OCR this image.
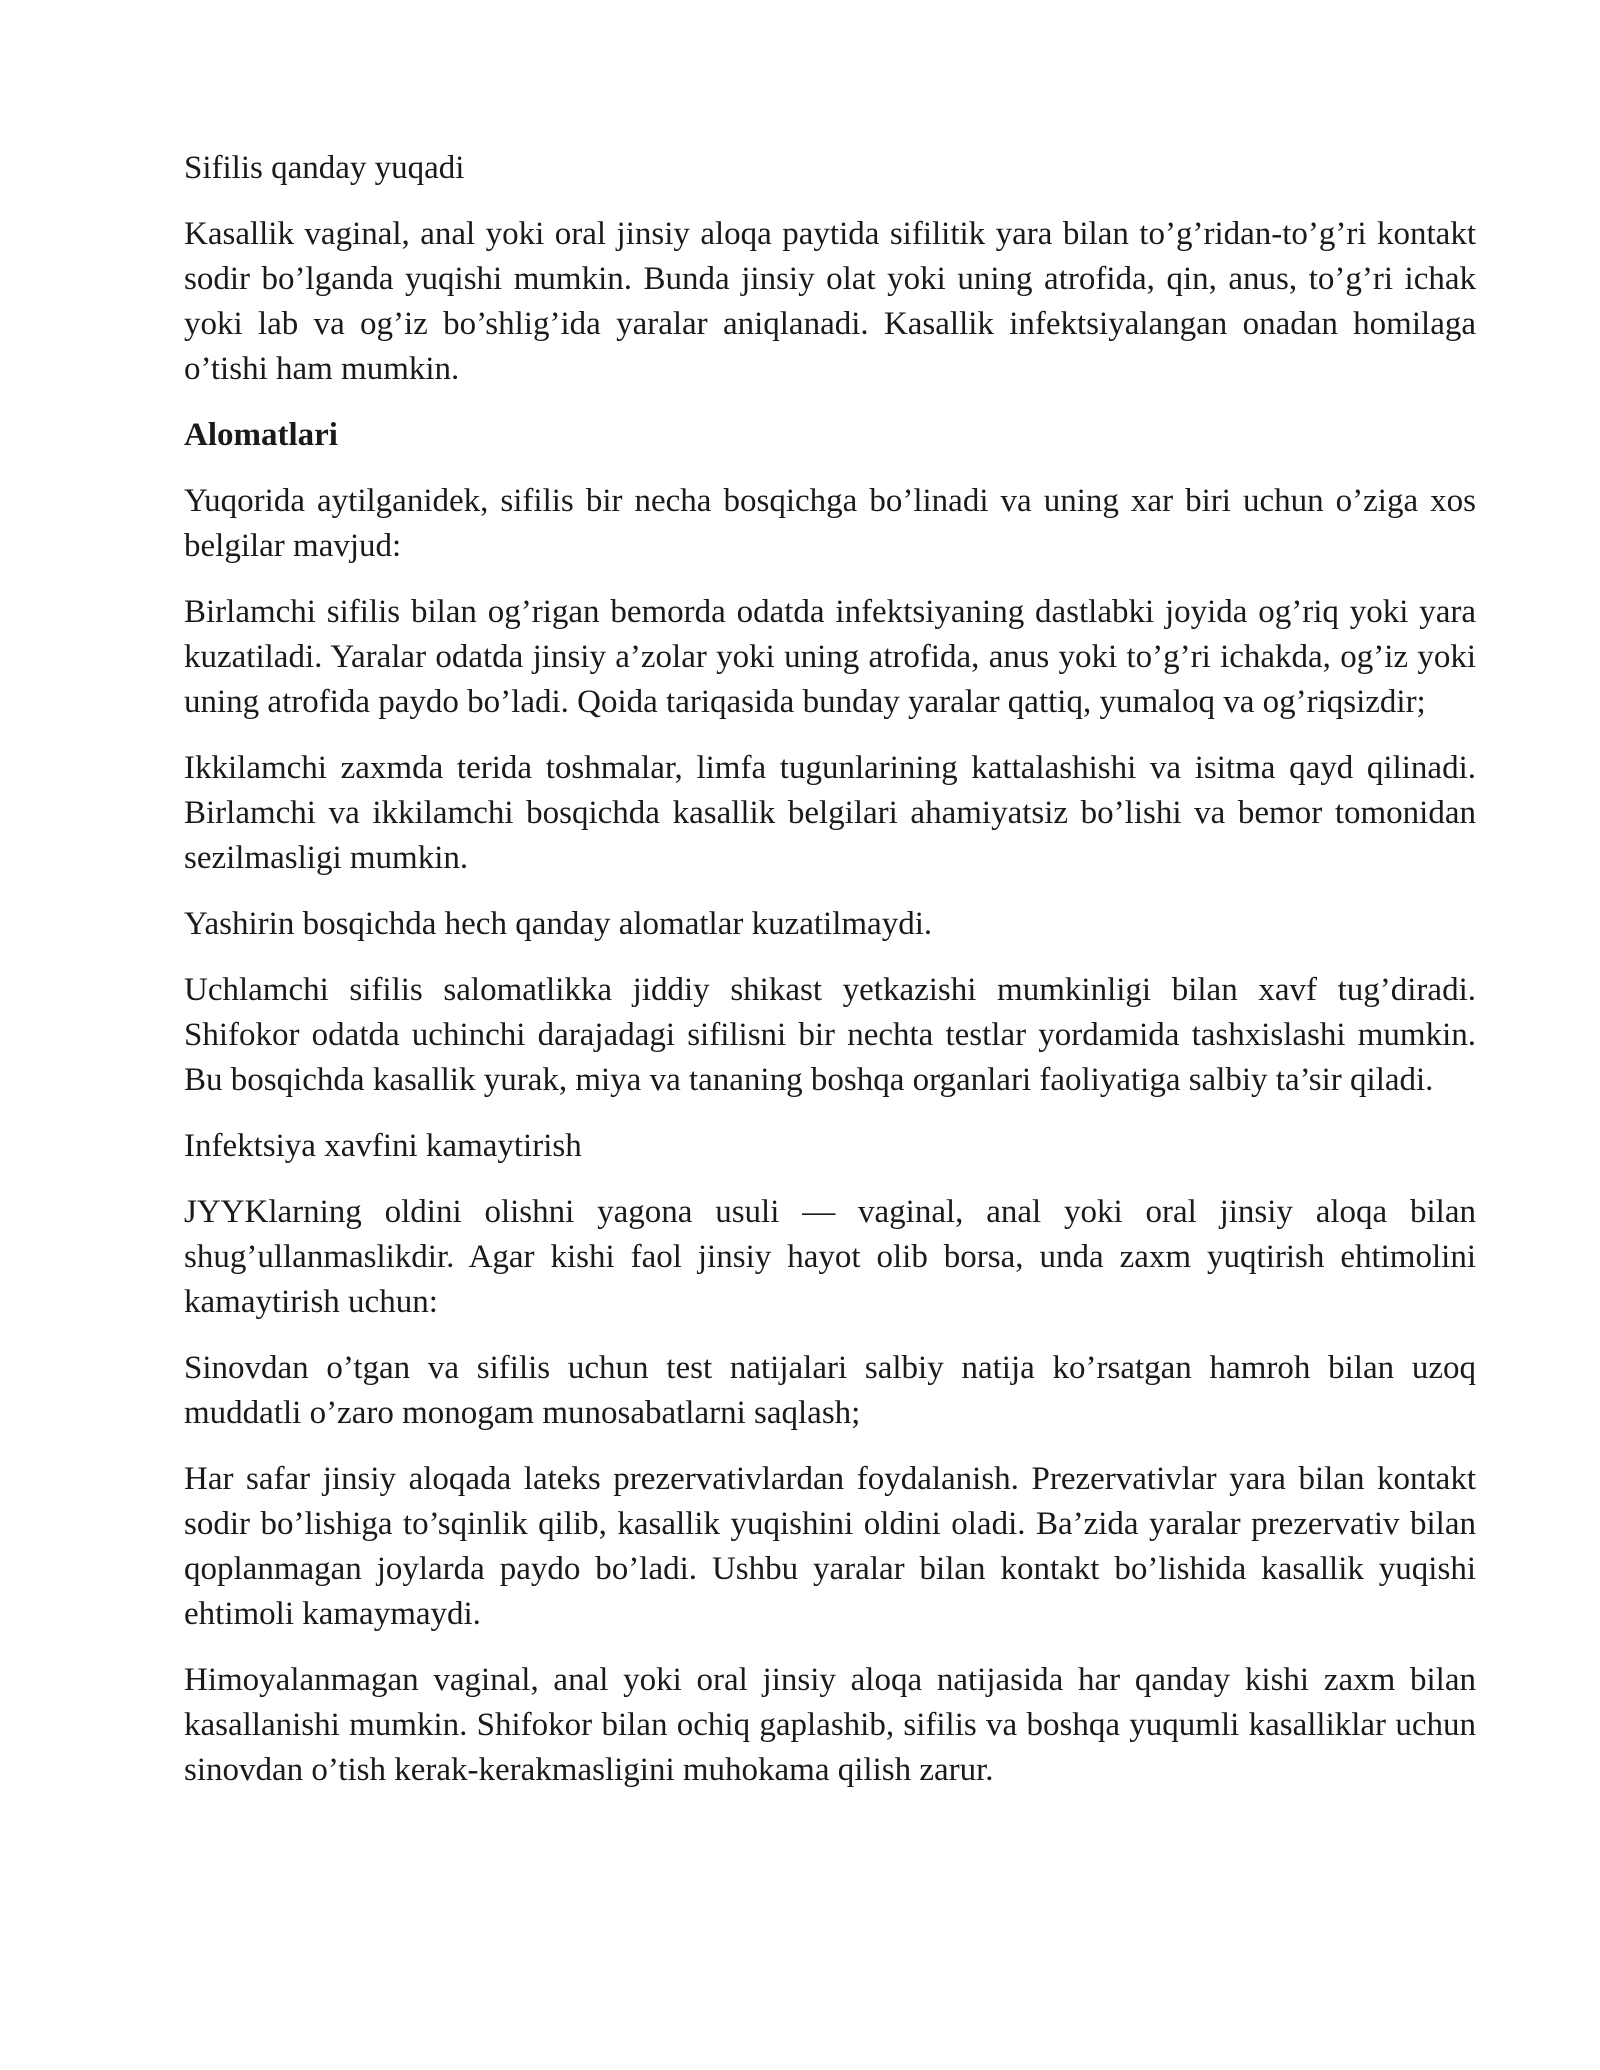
Sifilis qanday yuqadi

Kasallik vaginal, anal yoki oral jinsiy aloqa paytida sifilitik yara bilan to’g’ridan-to’g’ri kontakt sodir bo’lganda yuqishi mumkin. Bunda jinsiy olat yoki uning atrofida, qin, anus, to’g’ri ichak yoki lab va og’iz bo’shlig’ida yaralar aniqlanadi. Kasallik infektsiyalangan onadan homilaga o’tishi ham mumkin.

Alomatlari

Yuqorida aytilganidek, sifilis bir necha bosqichga bo’linadi va uning xar biri uchun o’ziga xos belgilar mavjud:

Birlamchi sifilis bilan og’rigan bemorda odatda infektsiyaning dastlabki joyida og’riq yoki yara kuzatiladi. Yaralar odatda jinsiy a’zolar yoki uning atrofida, anus yoki to’g’ri ichakda, og’iz yoki uning atrofida paydo bo’ladi. Qoida tariqasida bunday yaralar qattiq, yumaloq va og’riqsizdir;

Ikkilamchi zaxmda terida toshmalar, limfa tugunlarining kattalashishi va isitma qayd qilinadi. Birlamchi va ikkilamchi bosqichda kasallik belgilari ahamiyatsiz bo’lishi va bemor tomonidan sezilmasligi mumkin.

Yashirin bosqichda hech qanday alomatlar kuzatilmaydi.

Uchlamchi sifilis salomatlikka jiddiy shikast yetkazishi mumkinligi bilan xavf tug’diradi. Shifokor odatda uchinchi darajadagi sifilisni bir nechta testlar yordamida tashxislashi mumkin. Bu bosqichda kasallik yurak, miya va tananing boshqa organlari faoliyatiga salbiy ta’sir qiladi.

Infektsiya xavfini kamaytirish

JYYKlarning oldini olishni yagona usuli — vaginal, anal yoki oral jinsiy aloqa bilan shug’ullanmaslikdir. Agar kishi faol jinsiy hayot olib borsa, unda zaxm yuqtirish ehtimolini kamaytirish uchun:

Sinovdan o’tgan va sifilis uchun test natijalari salbiy natija ko’rsatgan hamroh bilan uzoq muddatli o’zaro monogam munosabatlarni saqlash;

Har safar jinsiy aloqada lateks prezervativlardan foydalanish. Prezervativlar yara bilan kontakt sodir bo’lishiga to’sqinlik qilib, kasallik yuqishini oldini oladi. Ba’zida yaralar prezervativ bilan qoplanmagan joylarda paydo bo’ladi. Ushbu yaralar bilan kontakt bo’lishida kasallik yuqishi ehtimoli kamaymaydi.

Himoyalanmagan vaginal, anal yoki oral jinsiy aloqa natijasida har qanday kishi zaxm bilan kasallanishi mumkin. Shifokor bilan ochiq gaplashib, sifilis va boshqa yuqumli kasalliklar uchun sinovdan o’tish kerak-kerakmasligini muhokama qilish zarur.
